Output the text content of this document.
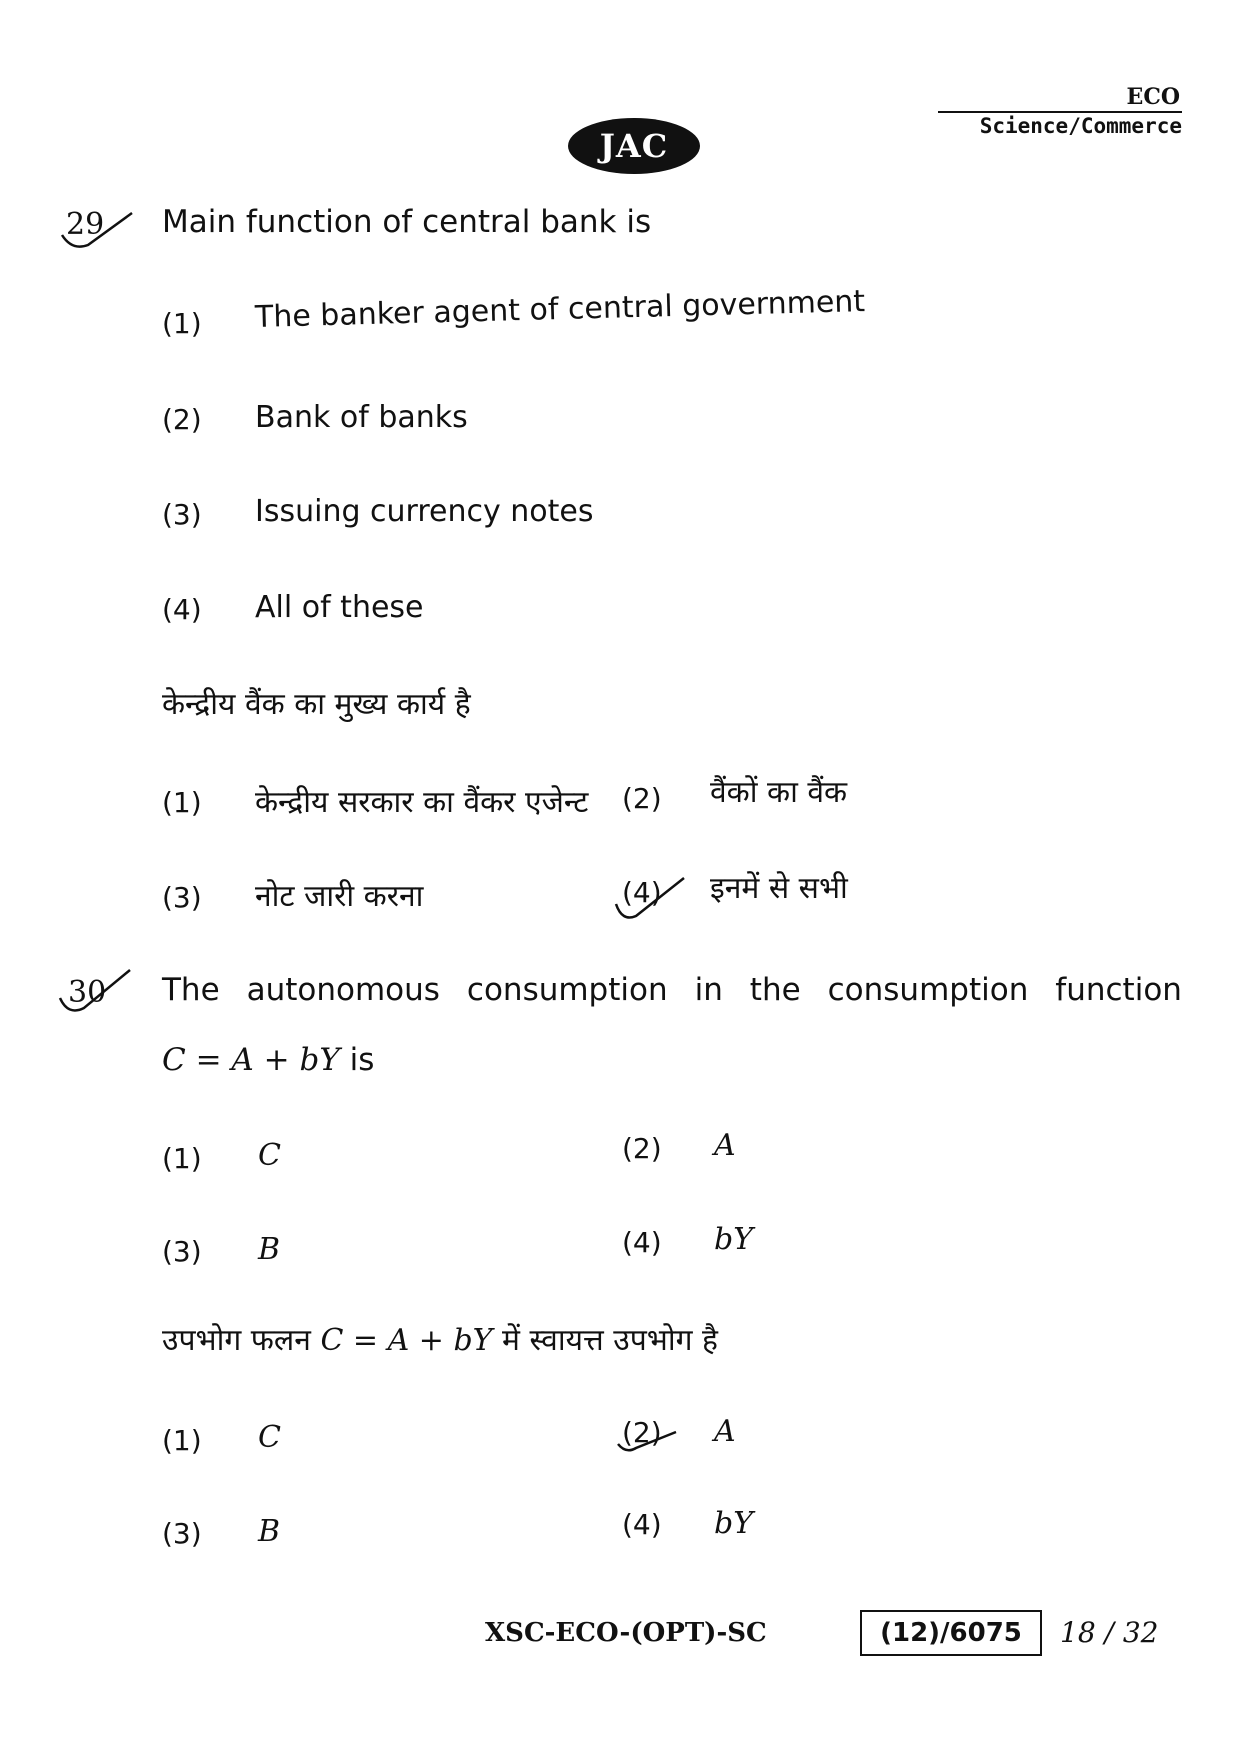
JAC
ECO
Science/Commerce
29 Main function of central bank is
(1) The banker agent of central government
(2) Bank of banks
(3) Issuing currency notes
(4) All of these
केन्द्रीय वैंक का मुख्य कार्य है
(1) केन्द्रीय सरकार का वैंकर एजेन्ट (2) वैंकों का वैंक
(3) नोट जारी करना	(4) इनमें से सभी
30 The autonomous consumption in the consumption function
C = A + bY is
(1) C	(2) A
(3) B	(4) bY
उपभोग फलन C = A + bY में स्वायत्त उपभोग है
(1) C	(2) A
(3) B	(4) bY
XSC-ECO-(OPT)-SC	(12)/6075	18 / 32
